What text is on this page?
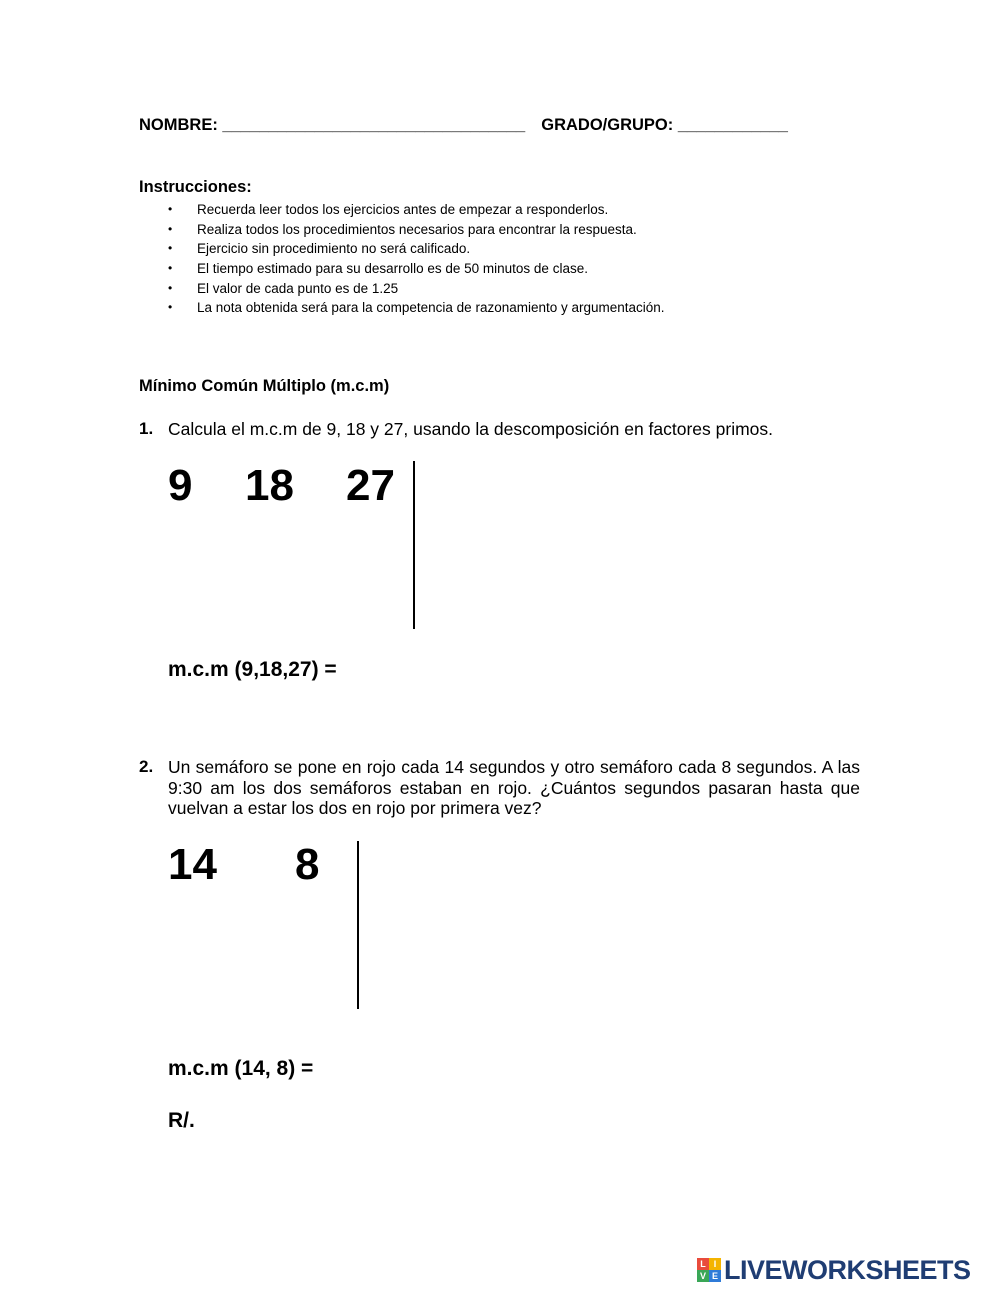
NOMBRE: _________________________________ GRADO/GRUPO: ____________
Instrucciones:
• Recuerda leer todos los ejercicios antes de empezar a responderlos.
• Realiza todos los procedimientos necesarios para encontrar la respuesta.
• Ejercicio sin procedimiento no será calificado.
• El tiempo estimado para su desarrollo es de 50 minutos de clase.
• El valor de cada punto es de 1.25
• La nota obtenida será para la competencia de razonamiento y argumentación.
Mínimo Común Múltiplo (m.c.m)
1. Calcula el m.c.m de 9, 18 y 27, usando la descomposición en factores primos.
9 18 27
m.c.m (9,18,27) =
2. Un semáforo se pone en rojo cada 14 segundos y otro semáforo cada 8 segundos. A las 9:30 am los dos semáforos estaban en rojo. ¿Cuántos segundos pasaran hasta que vuelvan a estar los dos en rojo por primera vez?
14 8
m.c.m (14, 8) =
R/.
L I
V E LIVEWORKSHEETS
